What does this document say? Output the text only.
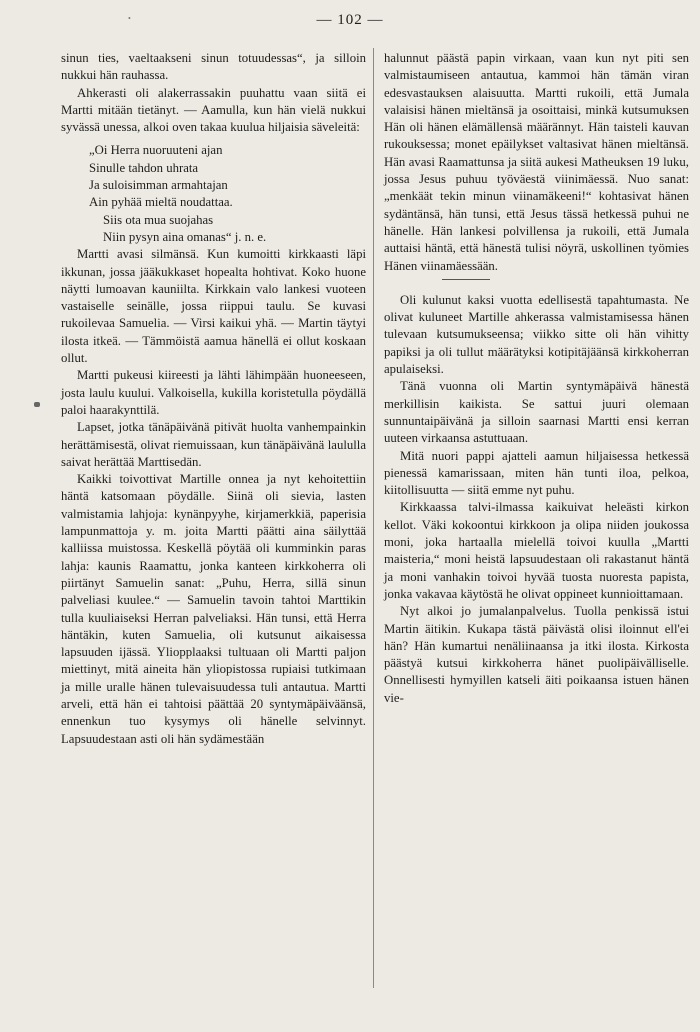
•	— 102 —

sinun ties, vaeltaakseni sinun totuudessas“, ja silloin nukkui hän rauhassa.

Ahkerasti oli alakerrassakin puuhattu vaan siitä ei Martti mitään tietänyt. — Aamulla, kun hän vielä nukkui syvässä unessa, alkoi oven takaa kuulua hiljaisia säveleitä:

„Oi Herra nuoruuteni ajan
Sinulle tahdon uhrata
Ja suloisimman armahtajan
Ain pyhää mieltä noudattaa.
Siis ota mua suojahas
Niin pysyn aina omanas“ j. n. e.

Martti avasi silmänsä. Kun kumoitti kirkkaasti läpi ikkunan, jossa jääkukkaset hopealta hohtivat. Koko huone näytti lumoavan kauniilta. Kirkkain valo lankesi vuoteen vastaiselle seinälle, jossa riippui taulu. Se kuvasi rukoilevaa Samuelia. — Virsi kaikui yhä. — Martin täytyi ilosta itkeä. — Tämmöistä aamua hänellä ei ollut koskaan ollut.

Martti pukeusi kiireesti ja lähti lähimpään huoneeseen, josta laulu kuului. Valkoisella, kukilla koristetulla pöydällä paloi haarakynttilä.

Lapset, jotka tänäpäivänä pitivät huolta vanhempainkin herättämisestä, olivat riemuissaan, kun tänäpäivänä laululla saivat herättää Marttisedän.

Kaikki toivottivat Martille onnea ja nyt kehoitettiin häntä katsomaan pöydälle. Siinä oli sievia, lasten valmistamia lahjoja: kynänpyyhe, kirjamerkkiä, paperisia lampunmattoja y. m. joita Martti päätti aina säilyttää kalliissa muistossa. Keskellä pöytää oli kumminkin paras lahja: kaunis Raamattu, jonka kanteen kirkkoherra oli piirtänyt Samuelin sanat: „Puhu, Herra, sillä sinun palveliasi kuulee.“ — Samuelin tavoin tahtoi Marttikin tulla kuuliaiseksi Herran palveliaksi. Hän tunsi, että Herra häntäkin, kuten Samuelia, oli kutsunut aikaisessa lapsuuden ijässä. Yliopplaaksi tultuaan oli Martti paljon miettinyt, mitä aineita hän yliopistossa rupiaisi tutkimaan ja mille uralle hänen tulevaisuudessa tuli antautua. Martti arveli, että hän ei tahtoisi päättää 20 syntymäpäiväänsä, ennenkun tuo kysymys oli hänelle selvinnyt. Lapsuudestaan asti oli hän sydämestään

halunnut päästä papin virkaan, vaan kun nyt piti sen valmistaumiseen antautua, kammoi hän tämän viran edesvastauksen alaisuutta. Martti rukoili, että Jumala valaisisi hänen mieltänsä ja osoittaisi, minkä kutsumuksen Hän oli hänen elämällensä määrännyt. Hän taisteli kauvan rukouksessa; monet epäilykset valtasivat hänen mieltänsä. Hän avasi Raamattunsa ja siitä aukesi Matheuksen 19 luku, jossa Jesus puhuu työväestä viinimäessä. Nuo sanat: „menkäät tekin minun viinamäkeeni!“ kohtasivat hänen sydäntänsä, hän tunsi, että Jesus tässä hetkessä puhui ne hänelle. Hän lankesi polvillensa ja rukoili, että Jumala auttaisi häntä, että hänestä tulisi nöyrä, uskollinen työmies Hänen viinamäessään.

Oli kulunut kaksi vuotta edellisestä tapahtumasta. Ne olivat kuluneet Martille ahkerassa valmistamisessa hänen tulevaan kutsumukseensa; viikko sitte oli hän vihitty papiksi ja oli tullut määrätyksi kotipitäjäänsä kirkkoherran apulaiseksi.

Tänä vuonna oli Martin syntymäpäivä hänestä merkillisin kaikista. Se sattui juuri olemaan sunnuntaipäivänä ja silloin saarnasi Martti ensi kerran uuteen virkaansa astuttuaan.

Mitä nuori pappi ajatteli aamun hiljaisessa hetkessä pienessä kamarissaan, miten hän tunti iloa, pelkoa, kiitollisuutta — siitä emme nyt puhu.

Kirkkaassa talvi-ilmassa kaikuivat heleästi kirkon kellot. Väki kokoontui kirkkoon ja olipa niiden joukossa moni, joka hartaalla mielellä toivoi kuulla „Martti maisteria,“ moni heistä lapsuudestaan oli rakastanut häntä ja moni vanhakin toivoi hyvää tuosta nuoresta papista, jonka vakavaa käytöstä he olivat oppineet kunnioittamaan.

Nyt alkoi jo jumalanpalvelus. Tuolla penkissä istui Martin äitikin. Kukapa tästä päivästä olisi iloinnut ell'ei hän? Hän kumartui nenäliinaansa ja itki ilosta. Kirkosta päästyä kutsui kirkkoherra hänet puolipäivälliselle. Onnellisesti hymyillen katseli äiti poikaansa istuen hänen vie-
